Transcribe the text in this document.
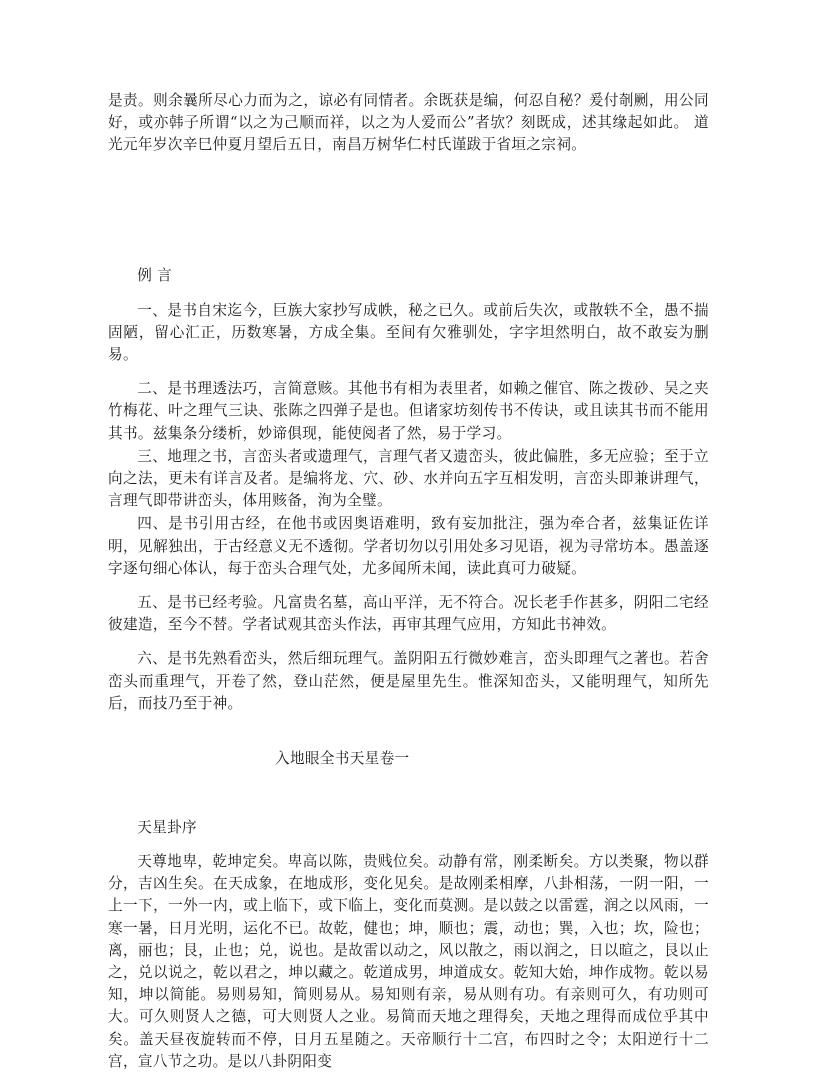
是责。则余曩所尽心力而为之，谅必有同情者。余既获是编，何忍自秘？爰付剞劂，用公同好，或亦韩子所谓“以之为己顺而祥，以之为人爱而公”者欤？刻既成，述其缘起如此。 道光元年岁次辛巳仲夏月望后五日，南昌万树华仁村氏谨跋于省垣之宗祠。

例 言

一、是书自宋迄今，巨族大家抄写成帙，秘之已久。或前后失次，或散轶不全，愚不揣固陋，留心汇正，历数寒暑，方成全集。至间有欠雅驯处，字字坦然明白，故不敢妄为删易。

二、是书理透法巧，言简意赅。其他书有相为表里者，如赖之催官、陈之拨砂、吴之夹竹梅花、叶之理气三诀、张陈之四弹子是也。但诸家坊刻传书不传诀，或且读其书而不能用其书。兹集条分缕析，妙谛俱现，能使阅者了然，易于学习。

三、地理之书，言峦头者或遗理气，言理气者又遗峦头，彼此偏胜，多无应验；至于立向之法，更未有详言及者。是编将龙、穴、砂、水并向五字互相发明，言峦头即兼讲理气，言理气即带讲峦头，体用赅备，洵为全璧。

四、是书引用古经，在他书或因奥语难明，致有妄加批注，强为牵合者，兹集证佐详明，见解独出，于古经意义无不透彻。学者切勿以引用处多习见语，视为寻常坊本。愚盖逐字逐句细心体认，每于峦头合理气处，尤多闻所未闻，读此真可力破疑。

五、是书已经考验。凡富贵名墓，高山平洋，无不符合。况长老手作甚多，阴阳二宅经彼建造，至今不替。学者试观其峦头作法，再审其理气应用，方知此书神效。

六、是书先熟看峦头，然后细玩理气。盖阴阳五行微妙难言，峦头即理气之著也。若舍峦头而重理气，开卷了然，登山茫然，便是屋里先生。惟深知峦头，又能明理气，知所先后，而技乃至于神。

入地眼全书天星卷一

天星卦序

天尊地卑，乾坤定矣。卑高以陈，贵贱位矣。动静有常，刚柔断矣。方以类聚，物以群分，吉凶生矣。在天成象，在地成形，变化见矣。是故刚柔相摩，八卦相荡，一阴一阳，一上一下，一外一内，或上临下，或下临上，变化而莫测。是以鼓之以雷霆，润之以风雨，一寒一暑，日月光明，运化不已。故乾，健也；坤，顺也；震，动也；巽，入也；坎，险也；离，丽也；艮，止也；兑，说也。是故雷以动之，风以散之，雨以润之，日以暄之，艮以止之，兑以说之，乾以君之，坤以藏之。乾道成男，坤道成女。乾知大始，坤作成物。乾以易知，坤以简能。易则易知，简则易从。易知则有亲，易从则有功。有亲则可久，有功则可大。可久则贤人之德，可大则贤人之业。易简而天地之理得矣，天地之理得而成位乎其中矣。盖天昼夜旋转而不停，日月五星随之。天帝顺行十二宫，布四时之令；太阳逆行十二宫，宣八节之功。是以八卦阴阳变
